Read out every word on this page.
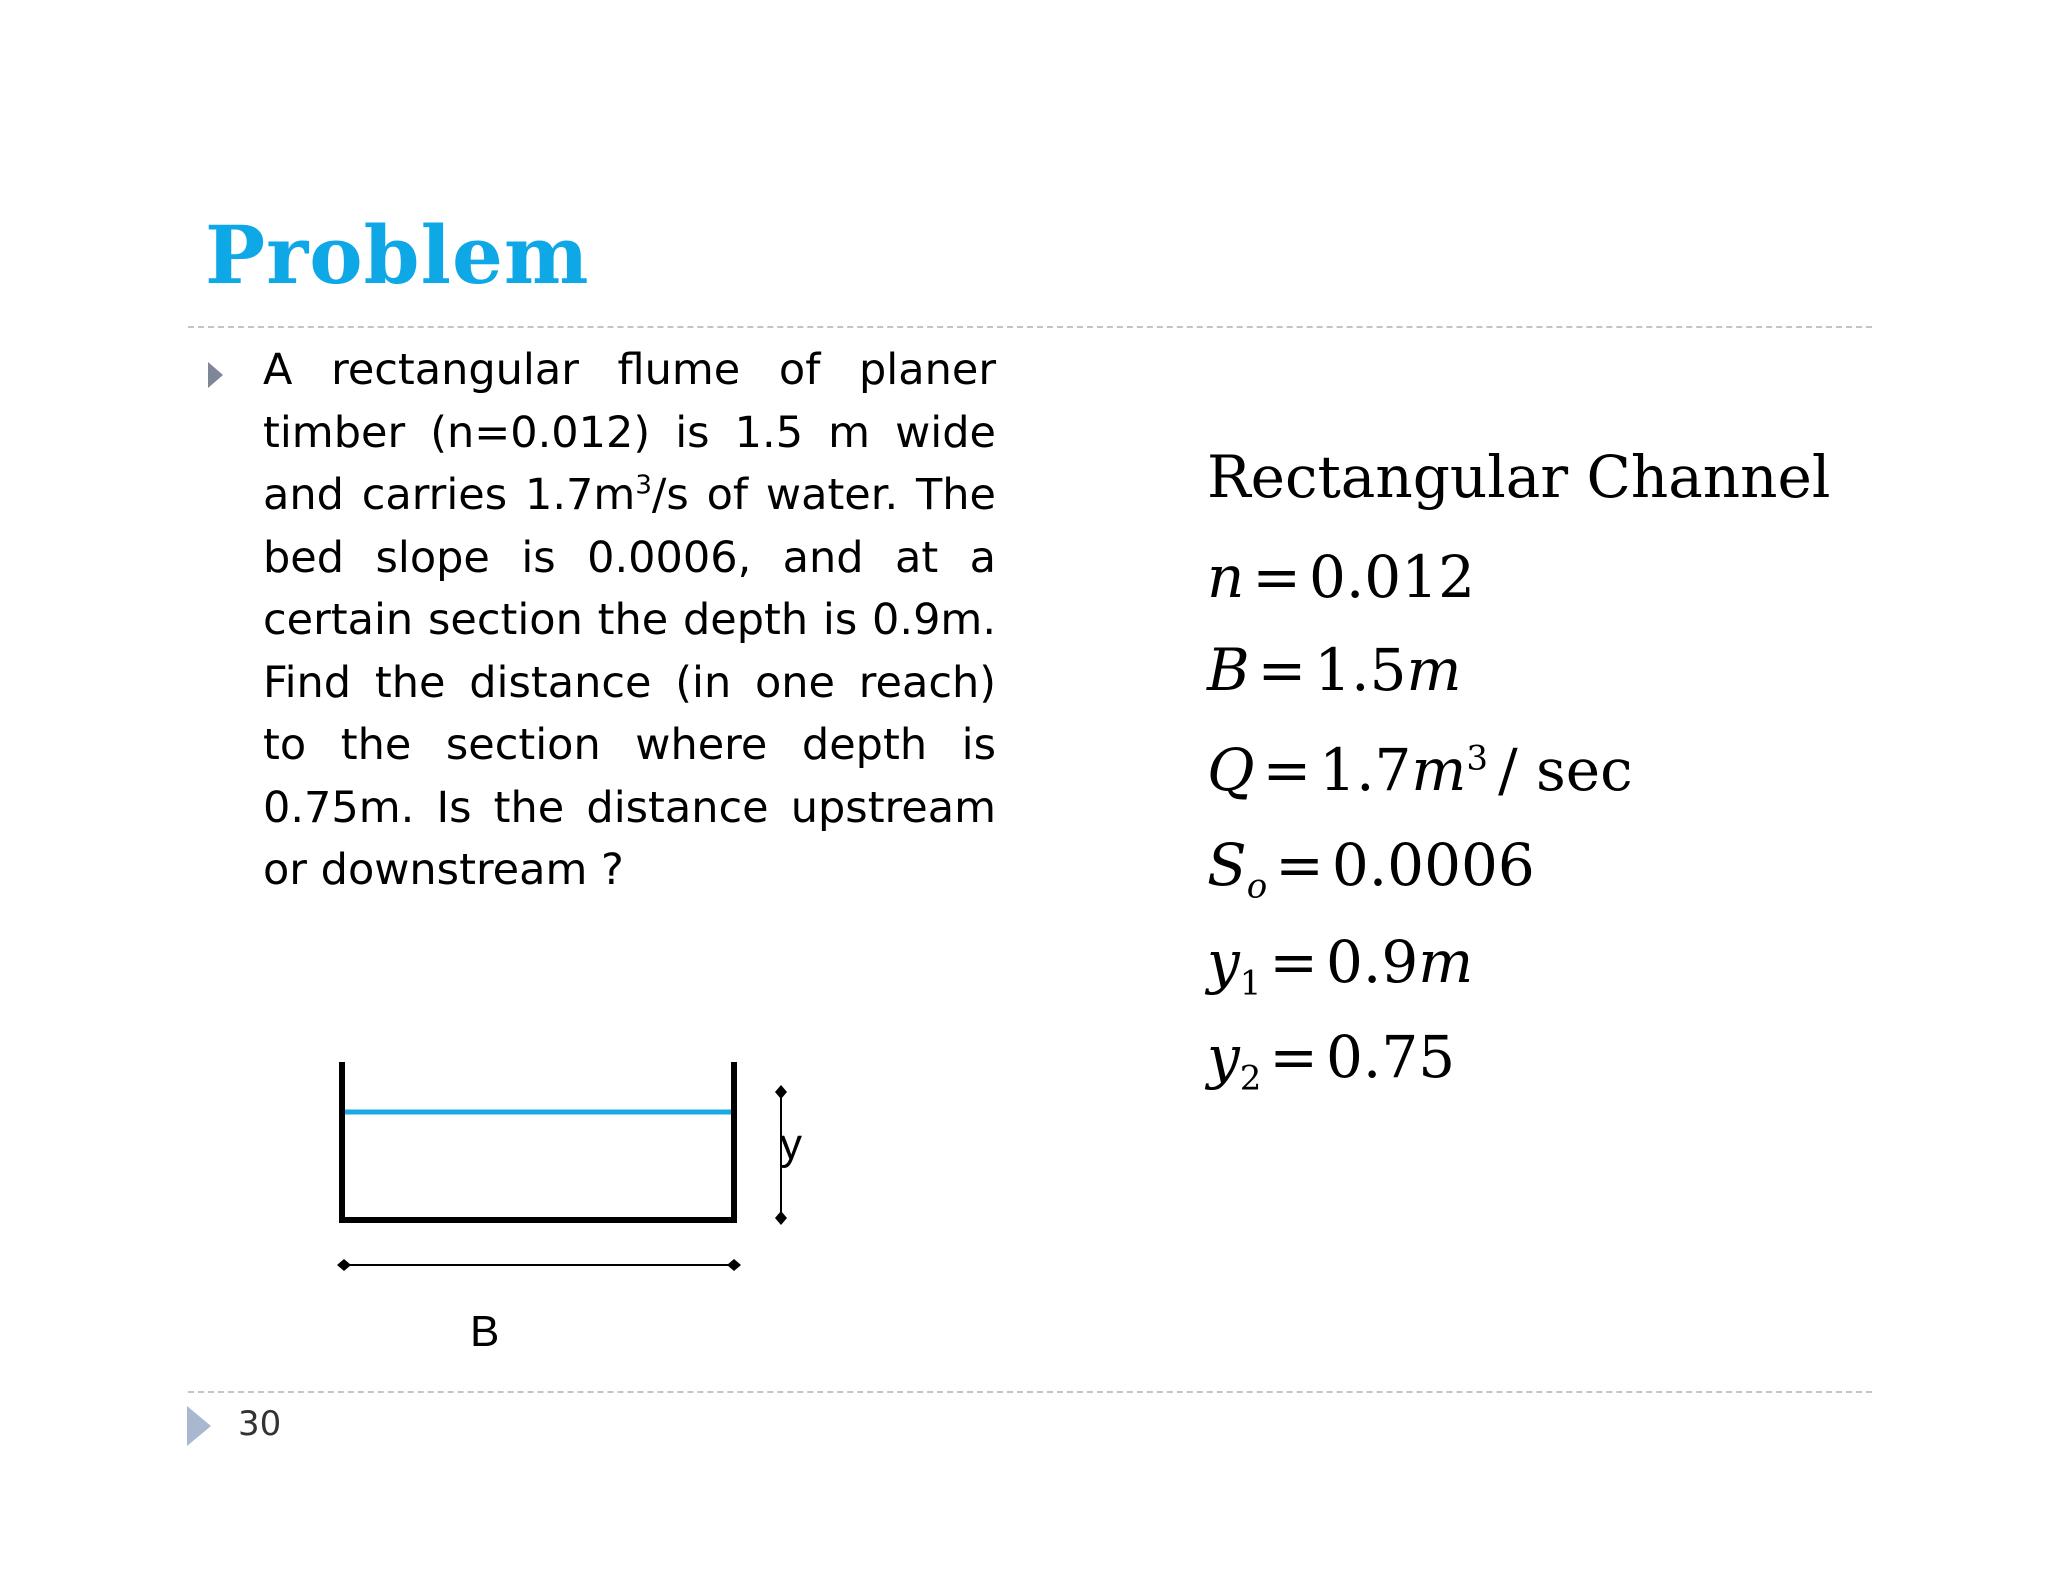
Problem
A rectangular flume of planer timber (n=0.012) is 1.5 m wide and carries $1.7m^3/s$ of water. The bed slope is 0.0006, and at a certain section the depth is 0.9m. Find the distance (in one reach) to the section where depth is 0.75m. Is the distance upstream or downstream ?
Rectangular Channel
n = 0.012
B = 1.5m
$Q = 1.7m^3 / \sec$
$S_o = 0.0006$
$y_1 = 0.9m$
$y_2 = 0.75$
y
B
30
